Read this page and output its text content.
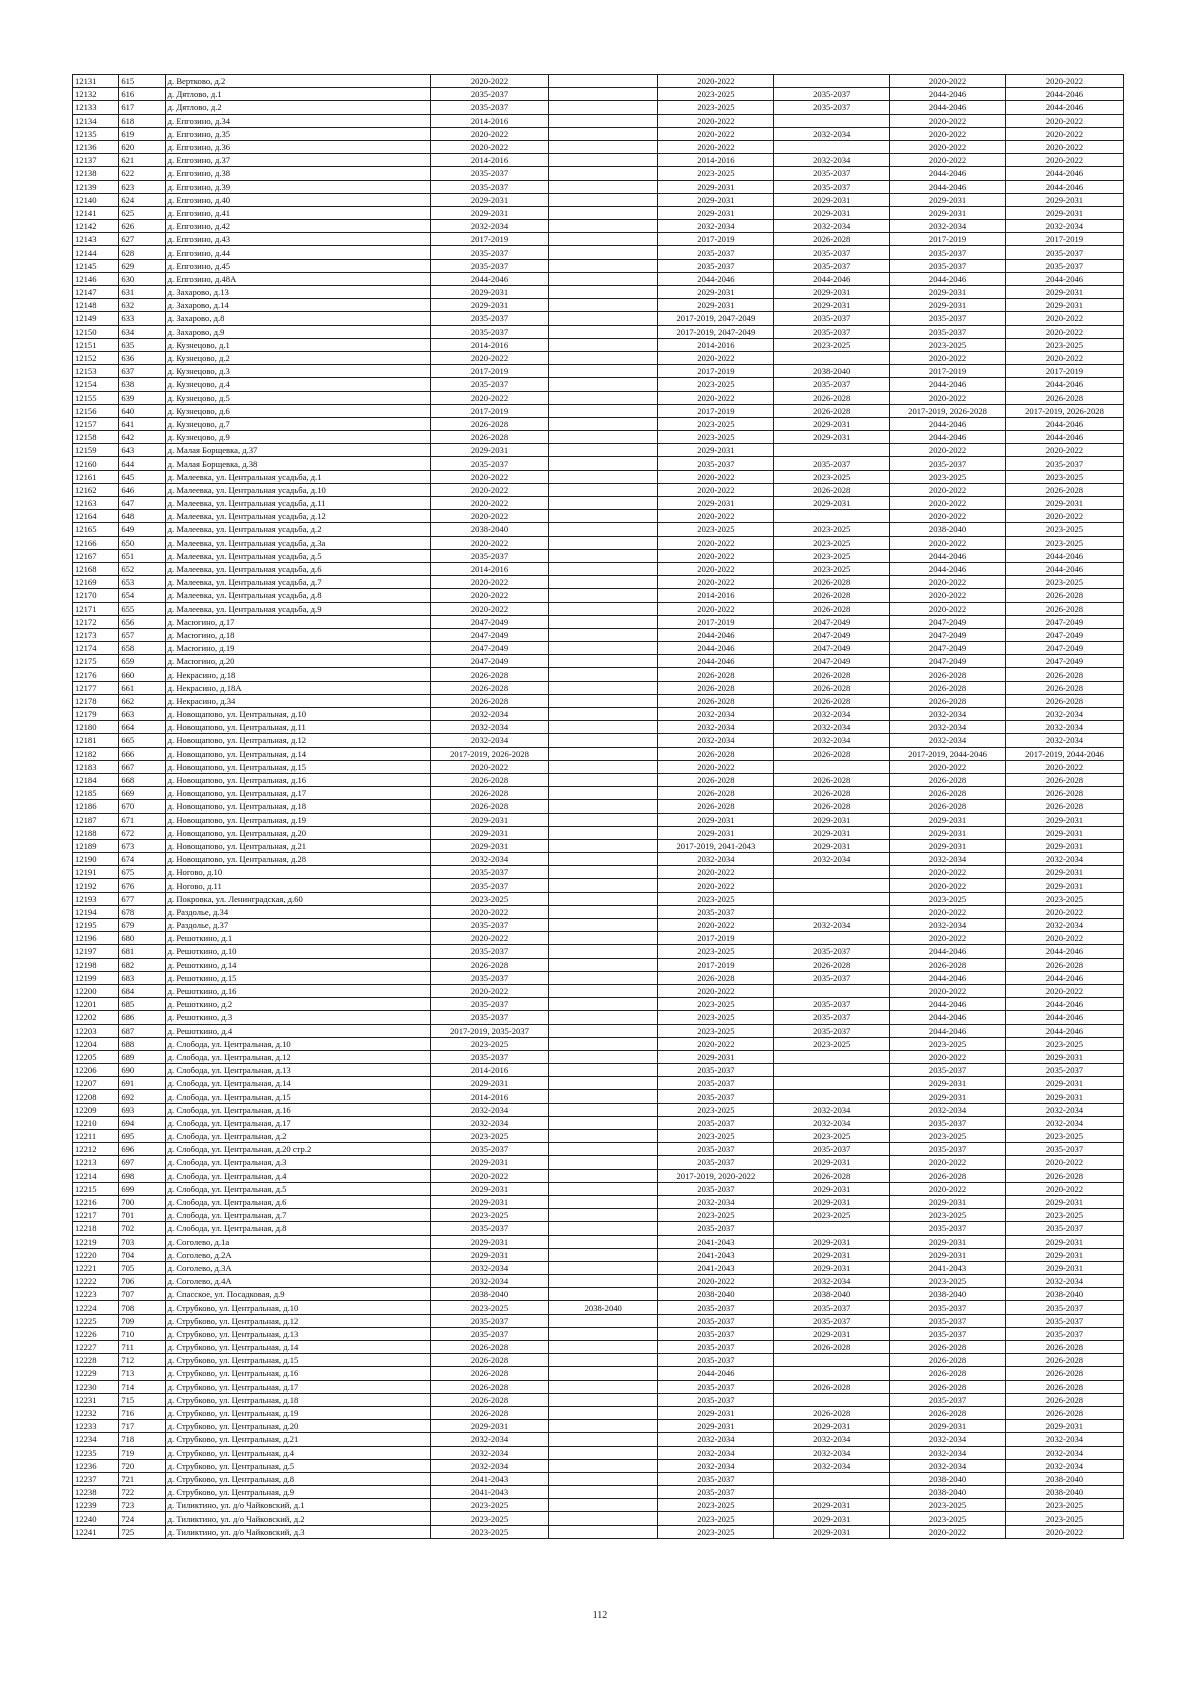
12131	615	д. Вертково, д.2	2020-2022		2020-2022		2020-2022	2020-2022
12132	616	д. Дятлово, д.1	2035-2037		2023-2025	2035-2037	2044-2046	2044-2046
12133	617	д. Дятлово, д.2	2035-2037		2023-2025	2035-2037	2044-2046	2044-2046
12134	618	д. Епгозино, д.34	2014-2016		2020-2022		2020-2022	2020-2022
12135	619	д. Епгозино, д.35	2020-2022		2020-2022	2032-2034	2020-2022	2020-2022
12136	620	д. Епгозино, д.36	2020-2022		2020-2022		2020-2022	2020-2022
12137	621	д. Епгозино, д.37	2014-2016		2014-2016	2032-2034	2020-2022	2020-2022
12138	622	д. Епгозино, д.38	2035-2037		2023-2025	2035-2037	2044-2046	2044-2046
12139	623	д. Епгозино, д.39	2035-2037		2029-2031	2035-2037	2044-2046	2044-2046
12140	624	д. Епгозино, д.40	2029-2031		2029-2031	2029-2031	2029-2031	2029-2031
12141	625	д. Епгозино, д.41	2029-2031		2029-2031	2029-2031	2029-2031	2029-2031
12142	626	д. Епгозино, д.42	2032-2034		2032-2034	2032-2034	2032-2034	2032-2034
12143	627	д. Епгозино, д.43	2017-2019		2017-2019	2026-2028	2017-2019	2017-2019
12144	628	д. Епгозино, д.44	2035-2037		2035-2037	2035-2037	2035-2037	2035-2037
12145	629	д. Епгозино, д.45	2035-2037		2035-2037	2035-2037	2035-2037	2035-2037
12146	630	д. Епгозино, д.48А	2044-2046		2044-2046	2044-2046	2044-2046	2044-2046
12147	631	д. Захарово, д.13	2029-2031		2029-2031	2029-2031	2029-2031	2029-2031
12148	632	д. Захарово, д.14	2029-2031		2029-2031	2029-2031	2029-2031	2029-2031
12149	633	д. Захарово, д.8	2035-2037		2017-2019, 2047-2049	2035-2037	2035-2037	2020-2022
12150	634	д. Захарово, д.9	2035-2037		2017-2019, 2047-2049	2035-2037	2035-2037	2020-2022
12151	635	д. Кузнецово, д.1	2014-2016		2014-2016	2023-2025	2023-2025	2023-2025
12152	636	д. Кузнецово, д.2	2020-2022		2020-2022		2020-2022	2020-2022
12153	637	д. Кузнецово, д.3	2017-2019		2017-2019	2038-2040	2017-2019	2017-2019
12154	638	д. Кузнецово, д.4	2035-2037		2023-2025	2035-2037	2044-2046	2044-2046
12155	639	д. Кузнецово, д.5	2020-2022		2020-2022	2026-2028	2020-2022	2026-2028
12156	640	д. Кузнецово, д.6	2017-2019		2017-2019	2026-2028	2017-2019, 2026-2028	2017-2019, 2026-2028
12157	641	д. Кузнецово, д.7	2026-2028		2023-2025	2029-2031	2044-2046	2044-2046
12158	642	д. Кузнецово, д.9	2026-2028		2023-2025	2029-2031	2044-2046	2044-2046
12159	643	д. Малая Борщевка, д.37	2029-2031		2029-2031		2020-2022	2020-2022
12160	644	д. Малая Борщевка, д.38	2035-2037		2035-2037	2035-2037	2035-2037	2035-2037
12161	645	д. Малеевка, ул. Центральная усадьба, д.1	2020-2022		2020-2022	2023-2025	2023-2025	2023-2025
12162	646	д. Малеевка, ул. Центральная усадьба, д.10	2020-2022		2020-2022	2026-2028	2020-2022	2026-2028
12163	647	д. Малеевка, ул. Центральная усадьба, д.11	2020-2022		2029-2031	2029-2031	2020-2022	2029-2031
12164	648	д. Малеевка, ул. Центральная усадьба, д.12	2020-2022		2020-2022		2020-2022	2020-2022
12165	649	д. Малеевка, ул. Центральная усадьба, д.2	2038-2040		2023-2025	2023-2025	2038-2040	2023-2025
12166	650	д. Малеевка, ул. Центральная усадьба, д.3а	2020-2022		2020-2022	2023-2025	2020-2022	2023-2025
12167	651	д. Малеевка, ул. Центральная усадьба, д.5	2035-2037		2020-2022	2023-2025	2044-2046	2044-2046
12168	652	д. Малеевка, ул. Центральная усадьба, д.6	2014-2016		2020-2022	2023-2025	2044-2046	2044-2046
12169	653	д. Малеевка, ул. Центральная усадьба, д.7	2020-2022		2020-2022	2026-2028	2020-2022	2023-2025
12170	654	д. Малеевка, ул. Центральная усадьба, д.8	2020-2022		2014-2016	2026-2028	2020-2022	2026-2028
12171	655	д. Малеевка, ул. Центральная усадьба, д.9	2020-2022		2020-2022	2026-2028	2020-2022	2026-2028
12172	656	д. Масюгино, д.17	2047-2049		2017-2019	2047-2049	2047-2049	2047-2049
12173	657	д. Масюгино, д.18	2047-2049		2044-2046	2047-2049	2047-2049	2047-2049
12174	658	д. Масюгино, д.19	2047-2049		2044-2046	2047-2049	2047-2049	2047-2049
12175	659	д. Масюгино, д.20	2047-2049		2044-2046	2047-2049	2047-2049	2047-2049
12176	660	д. Некрасино, д.18	2026-2028		2026-2028	2026-2028	2026-2028	2026-2028
12177	661	д. Некрасино, д.18А	2026-2028		2026-2028	2026-2028	2026-2028	2026-2028
12178	662	д. Некрасино, д.34	2026-2028		2026-2028	2026-2028	2026-2028	2026-2028
12179	663	д. Новощапово, ул. Центральная, д.10	2032-2034		2032-2034	2032-2034	2032-2034	2032-2034
12180	664	д. Новощапово, ул. Центральная, д.11	2032-2034		2032-2034	2032-2034	2032-2034	2032-2034
12181	665	д. Новощапово, ул. Центральная, д.12	2032-2034		2032-2034	2032-2034	2032-2034	2032-2034
12182	666	д. Новощапово, ул. Центральная, д.14	2017-2019, 2026-2028		2026-2028	2026-2028	2017-2019, 2044-2046	2017-2019, 2044-2046
12183	667	д. Новощапово, ул. Центральная, д.15	2020-2022		2020-2022		2020-2022	2020-2022
12184	668	д. Новощапово, ул. Центральная, д.16	2026-2028		2026-2028	2026-2028	2026-2028	2026-2028
12185	669	д. Новощапово, ул. Центральная, д.17	2026-2028		2026-2028	2026-2028	2026-2028	2026-2028
12186	670	д. Новощапово, ул. Центральная, д.18	2026-2028		2026-2028	2026-2028	2026-2028	2026-2028
12187	671	д. Новощапово, ул. Центральная, д.19	2029-2031		2029-2031	2029-2031	2029-2031	2029-2031
12188	672	д. Новощапово, ул. Центральная, д.20	2029-2031		2029-2031	2029-2031	2029-2031	2029-2031
12189	673	д. Новощапово, ул. Центральная, д.21	2029-2031		2017-2019, 2041-2043	2029-2031	2029-2031	2029-2031
12190	674	д. Новощапово, ул. Центральная, д.28	2032-2034		2032-2034	2032-2034	2032-2034	2032-2034
12191	675	д. Ногово, д.10	2035-2037		2020-2022		2020-2022	2029-2031
12192	676	д. Ногово, д.11	2035-2037		2020-2022		2020-2022	2029-2031
12193	677	д. Покровка, ул. Ленинградская, д.60	2023-2025		2023-2025		2023-2025	2023-2025
12194	678	д. Раздолье, д.34	2020-2022		2035-2037		2020-2022	2020-2022
12195	679	д. Раздолье, д.37	2035-2037		2020-2022	2032-2034	2032-2034	2032-2034
12196	680	д. Решоткино, д.1	2020-2022		2017-2019		2020-2022	2020-2022
12197	681	д. Решоткино, д.10	2035-2037		2023-2025	2035-2037	2044-2046	2044-2046
12198	682	д. Решоткино, д.14	2026-2028		2017-2019	2026-2028	2026-2028	2026-2028
12199	683	д. Решоткино, д.15	2035-2037		2026-2028	2035-2037	2044-2046	2044-2046
12200	684	д. Решоткино, д.16	2020-2022		2020-2022		2020-2022	2020-2022
12201	685	д. Решоткино, д.2	2035-2037		2023-2025	2035-2037	2044-2046	2044-2046
12202	686	д. Решоткино, д.3	2035-2037		2023-2025	2035-2037	2044-2046	2044-2046
12203	687	д. Решоткино, д.4	2017-2019, 2035-2037		2023-2025	2035-2037	2044-2046	2044-2046
12204	688	д. Слобода, ул. Центральная, д.10	2023-2025		2020-2022	2023-2025	2023-2025	2023-2025
12205	689	д. Слобода, ул. Центральная, д.12	2035-2037		2029-2031		2020-2022	2029-2031
12206	690	д. Слобода, ул. Центральная, д.13	2014-2016		2035-2037		2035-2037	2035-2037
12207	691	д. Слобода, ул. Центральная, д.14	2029-2031		2035-2037		2029-2031	2029-2031
12208	692	д. Слобода, ул. Центральная, д.15	2014-2016		2035-2037		2029-2031	2029-2031
12209	693	д. Слобода, ул. Центральная, д.16	2032-2034		2023-2025	2032-2034	2032-2034	2032-2034
12210	694	д. Слобода, ул. Центральная, д.17	2032-2034		2035-2037	2032-2034	2035-2037	2032-2034
12211	695	д. Слобода, ул. Центральная, д.2	2023-2025		2023-2025	2023-2025	2023-2025	2023-2025
12212	696	д. Слобода, ул. Центральная, д.20 стр.2	2035-2037		2035-2037	2035-2037	2035-2037	2035-2037
12213	697	д. Слобода, ул. Центральная, д.3	2029-2031		2035-2037	2029-2031	2020-2022	2020-2022
12214	698	д. Слобода, ул. Центральная, д.4	2020-2022		2017-2019, 2020-2022	2026-2028	2026-2028	2026-2028
12215	699	д. Слобода, ул. Центральная, д.5	2029-2031		2035-2037	2029-2031	2020-2022	2020-2022
12216	700	д. Слобода, ул. Центральная, д.6	2029-2031		2032-2034	2029-2031	2029-2031	2029-2031
12217	701	д. Слобода, ул. Центральная, д.7	2023-2025		2023-2025	2023-2025	2023-2025	2023-2025
12218	702	д. Слобода, ул. Центральная, д.8	2035-2037		2035-2037		2035-2037	2035-2037
12219	703	д. Соголево, д.1а	2029-2031		2041-2043	2029-2031	2029-2031	2029-2031
12220	704	д. Соголево, д.2А	2029-2031		2041-2043	2029-2031	2029-2031	2029-2031
12221	705	д. Соголево, д.3А	2032-2034		2041-2043	2029-2031	2041-2043	2029-2031
12222	706	д. Соголево, д.4А	2032-2034		2020-2022	2032-2034	2023-2025	2032-2034
12223	707	д. Спасское, ул. Посадковая, д.9	2038-2040		2038-2040	2038-2040	2038-2040	2038-2040
12224	708	д. Струбково, ул. Центральная, д.10	2023-2025	2038-2040	2035-2037	2035-2037	2035-2037	2035-2037
12225	709	д. Струбково, ул. Центральная, д.12	2035-2037		2035-2037	2035-2037	2035-2037	2035-2037
12226	710	д. Струбково, ул. Центральная, д.13	2035-2037		2035-2037	2029-2031	2035-2037	2035-2037
12227	711	д. Струбково, ул. Центральная, д.14	2026-2028		2035-2037	2026-2028	2026-2028	2026-2028
12228	712	д. Струбково, ул. Центральная, д.15	2026-2028		2035-2037		2026-2028	2026-2028
12229	713	д. Струбково, ул. Центральная, д.16	2026-2028		2044-2046		2026-2028	2026-2028
12230	714	д. Струбково, ул. Центральная, д.17	2026-2028		2035-2037	2026-2028	2026-2028	2026-2028
12231	715	д. Струбково, ул. Центральная, д.18	2026-2028		2035-2037		2035-2037	2026-2028
12232	716	д. Струбково, ул. Центральная, д.19	2026-2028		2029-2031	2026-2028	2026-2028	2026-2028
12233	717	д. Струбково, ул. Центральная, д.20	2029-2031		2029-2031	2029-2031	2029-2031	2029-2031
12234	718	д. Струбково, ул. Центральная, д.21	2032-2034		2032-2034	2032-2034	2032-2034	2032-2034
12235	719	д. Струбково, ул. Центральная, д.4	2032-2034		2032-2034	2032-2034	2032-2034	2032-2034
12236	720	д. Струбково, ул. Центральная, д.5	2032-2034		2032-2034	2032-2034	2032-2034	2032-2034
12237	721	д. Струбково, ул. Центральная, д.8	2041-2043		2035-2037		2038-2040	2038-2040
12238	722	д. Струбково, ул. Центральная, д.9	2041-2043		2035-2037		2038-2040	2038-2040
12239	723	д. Тиликтино, ул. д/о Чайковский, д.1	2023-2025		2023-2025	2029-2031	2023-2025	2023-2025
12240	724	д. Тиликтино, ул. д/о Чайковский, д.2	2023-2025		2023-2025	2029-2031	2023-2025	2023-2025
12241	725	д. Тиликтино, ул. д/о Чайковский, д.3	2023-2025		2023-2025	2029-2031	2020-2022	2020-2022
112
